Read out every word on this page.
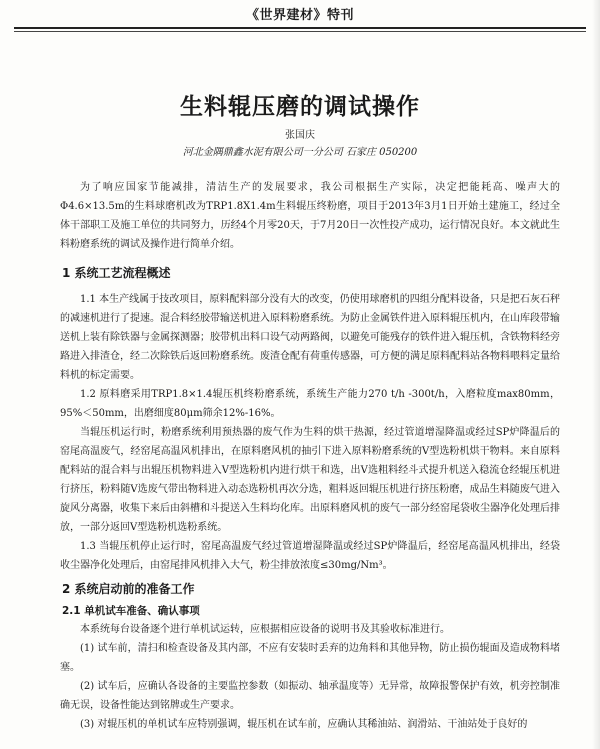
《世界建材》特刊
生料辊压磨的调试操作
张国庆
河北金隅鼎鑫水泥有限公司一分公司 石家庄 050200

为了响应国家节能减排，清洁生产的发展要求，我公司根据生产实际，决定把能耗高、噪声大的Φ4.6×13.5m的生料球磨机改为TRP1.8X1.4m生料辊压终粉磨，项目于2013年3月1日开始土建施工，经过全体干部职工及施工单位的共同努力，历经4个月零20天，于7月20日一次性投产成功，运行情况良好。本文就此生料粉磨系统的调试及操作进行简单介绍。

1 系统工艺流程概述

1.1 本生产线属于技改项目，原料配料部分没有大的改变，仍使用球磨机的四组分配料设备，只是把石灰石秤的减速机进行了提速。混合料经胶带输送机进入原料粉磨系统。为防止金属铁件进入原料辊压机内，在山库段带输送机上装有除铁器与金属探测器；胶带机出料口设气动两路阀，以避免可能残存的铁件进入辊压机，含铁物料经旁路进入排渣仓，经二次除铁后返回粉磨系统。废渣仓配有荷重传感器，可方便的满足原料配料站各物料喂料定量给料机的标定需要。

1.2 原料磨采用TRP1.8×1.4辊压机终粉磨系统，系统生产能力270 t/h -300t/h，入磨粒度max80mm，95%＜50mm，出磨细度80μm筛余12%-16%。

当辊压机运行时，粉磨系统利用预热器的废气作为生料的烘干热源，经过管道增湿降温或经过SP炉降温后的窑尾高温废气，经窑尾高温风机排出，在原料磨风机的抽引下进入原料粉磨系统的V型选粉机烘干物料。来自原料配料站的混合料与出辊压机物料进入V型选粉机内进行烘干和选，出V选粗料经斗式提升机送入稳流仓经辊压机进行挤压，粉料随V选废气带出物料进入动态选粉机再次分选，粗料返回辊压机进行挤压粉磨，成品生料随废气进入旋风分离器，收集下来后由斜槽和斗提送入生料均化库。出原料磨风机的废气一部分经窑尾袋收尘器净化处理后排放，一部分返回V型选粉机选粉系统。

1.3 当辊压机停止运行时，窑尾高温废气经过管道增湿降温或经过SP炉降温后，经窑尾高温风机排出，经袋收尘器净化处理后，由窑尾排风机排入大气，粉尘排放浓度≤30mg/Nm³。

2 系统启动前的准备工作
2.1 单机试车准备、确认事项

本系统每台设备逐个进行单机试运转，应根据相应设备的说明书及其验收标准进行。

(1) 试车前，清扫和检查设备及其内部，不应有安装时丢弃的边角料和其他异物，防止损伤辊面及造成物料堵塞。

(2) 试车后，应确认各设备的主要监控参数（如振动、轴承温度等）无异常，故障报警保护有效，机旁控制准确无误，设备性能达到铭牌或生产要求。

(3) 对辊压机的单机试车应特别强调，辊压机在试车前，应确认其稀油站、润滑站、干油站处于良好的
